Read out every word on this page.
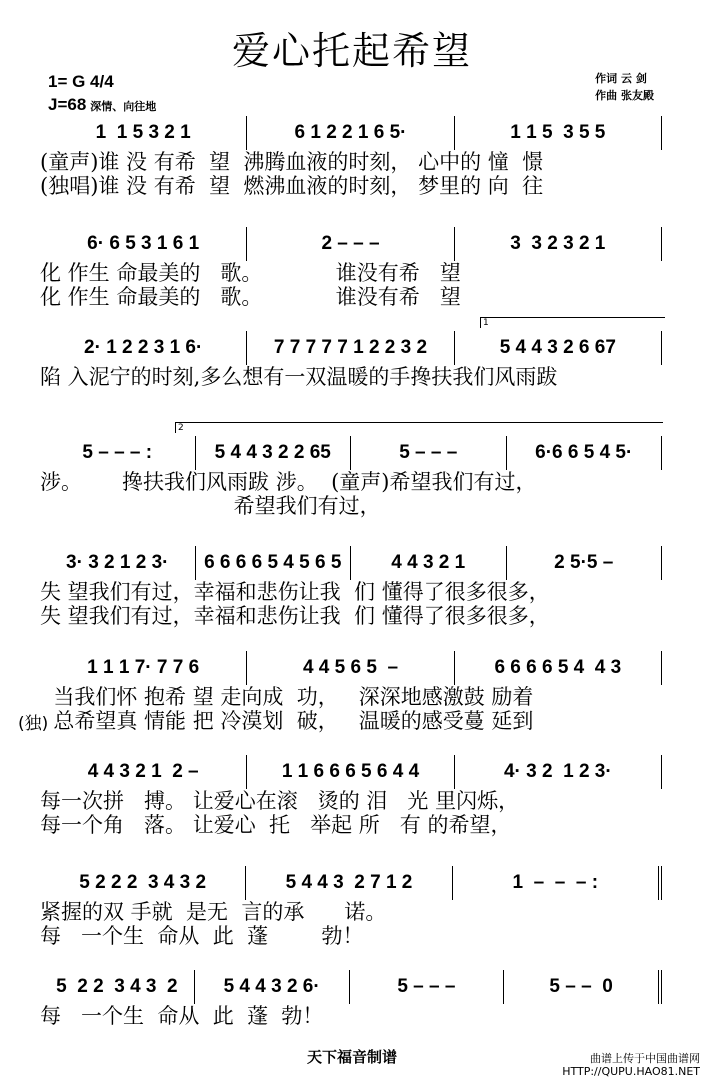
爱心托起希望
1= G 4/4
J=68 深情、向往地
作词 云 剑
作曲 张友殿
1  1 5 3 2 1	6 1 2 2 1 6 5·	1 1 5  3 5 5
(童声)谁 没 有希  望  沸腾血液的时刻， 心中的 憧  憬
(独唱)谁 没 有希  望  燃沸血液的时刻， 梦里的 向  往
6· 6 5 3 1 6 1	2 – – –	3  3 2 3 2 1
化 作生 命最美的   歌。           谁没有希   望
化 作生 命最美的   歌。           谁没有希   望
1
2· 1 2 2 3 1 6·	7 7 7 7 7 1 2 2 3 2	5 4 4 3 2 6 67
陷 入泥宁的时刻,多么想有一双温暖的手搀扶我们风雨跋
2
5 – – – :	5 4 4 3 2 2 65	5 – – –	6·6 6 5 4 5·
涉。      搀扶我们风雨跋 涉。  (童声)希望我们有过，
希望我们有过，
3· 3 2 1 2 3·	6 6 6 6 5 4 5 6 5	4 4 3 2 1	2 5·5 –
失 望我们有过，幸福和悲伤让我  们 懂得了很多很多，
失 望我们有过，幸福和悲伤让我  们 懂得了很多很多，
1 1 1 7· 7 7 6	4 4 5 6 5  –	6 6 6 6 5 4  4 3
(独)
当我们怀 抱希 望 走向成  功，   深深地感激鼓 励着
总希望真 情能 把 冷漠划  破，   温暖的感受蔓 延到
4 4 3 2 1  2 –	1 1 6 6 6 5 6 4 4	4· 3 2  1 2 3·
每一次拼   搏。 让爱心在滚   烫的 泪   光 里闪烁，
每一个角   落。 让爱心  托   举起 所   有 的希望，
5 2 2 2  3 4 3 2	5 4 4 3  2 7 1 2	1  –  –  – :
紧握的双 手就  是无  言的承      诺。
每   一个生  命从  此  蓬        勃！
5  2 2  3 4 3  2	5 4 4 3 2 6·	5 – – –	5 – –  0
每   一个生  命从  此  蓬  勃！
天下福音制谱	曲谱上传于中国曲谱网
HTTP://QUPU.HAO81.NET
